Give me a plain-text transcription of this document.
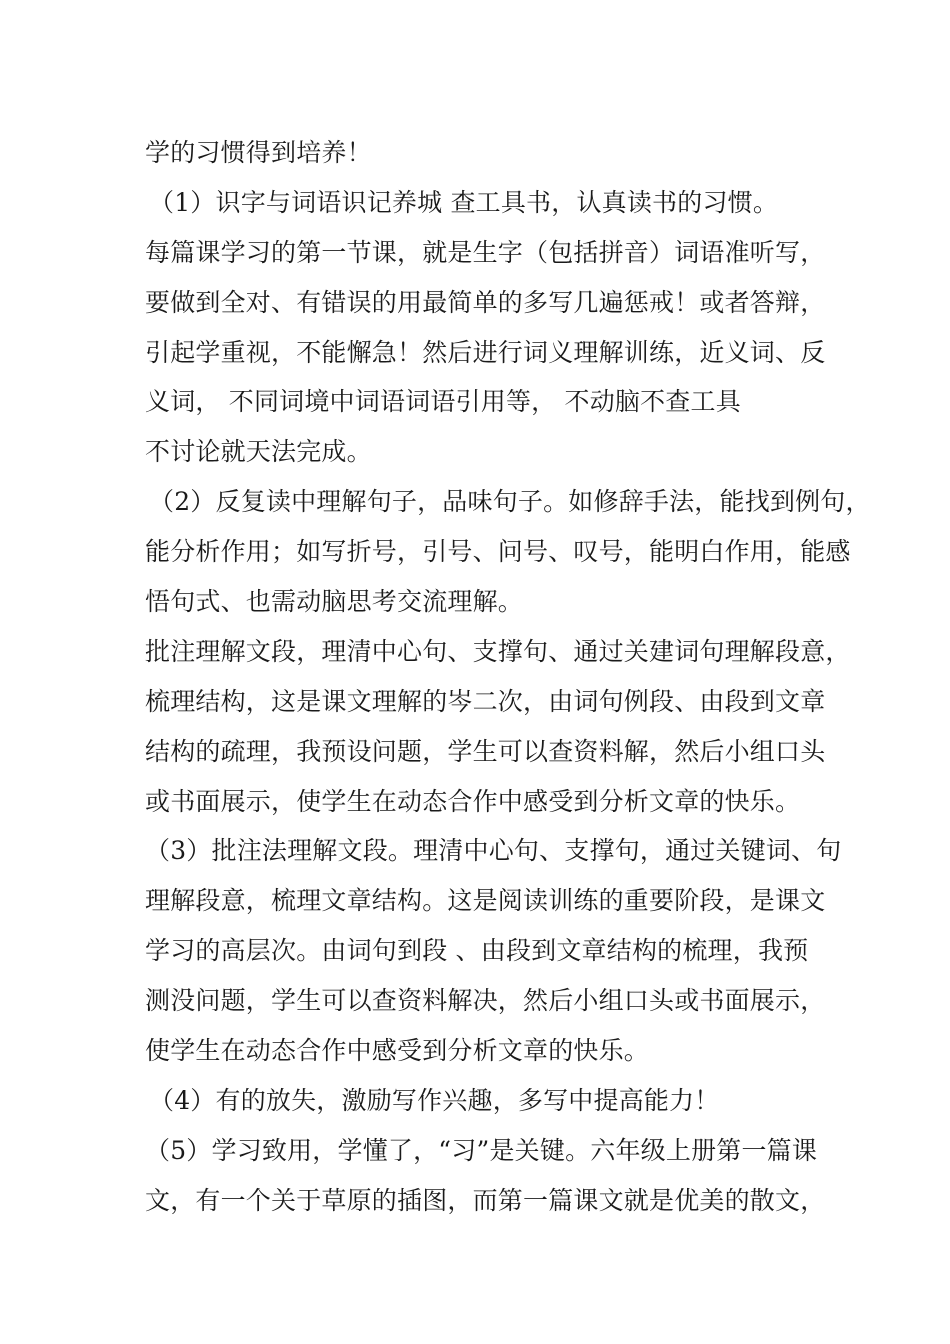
学的习惯得到培养！
（1）识字与词语识记养城 查工具书，认真读书的习惯。
每篇课学习的第一节课，就是生字（包括拼音）词语准听写，
要做到全对、有错误的用最简单的多写几遍惩戒！或者答辩，
引起学重视，不能懈急！然后进行词义理解训练，近义词、反
义词， 不同词境中词语词语引用等， 不动脑不查工具
不讨论就天法完成。
（2）反复读中理解句子，品味句子。如修辞手法，能找到例句，
能分析作用；如写折号，引号、问号、叹号，能明白作用，能感
悟句式、也需动脑思考交流理解。
批注理解文段，理清中心句、支撑句、通过关建词句理解段意，
梳理结构，这是课文理解的岑二次，由词句例段、由段到文章
结构的疏理，我预设问题，学生可以查资料解，然后小组口头
或书面展示，使学生在动态合作中感受到分析文章的快乐。
（3）批注法理解文段。理清中心句、支撑句，通过关键词、句
理解段意，梳理文章结构。这是阅读训练的重要阶段，是课文
学习的高层次。由词句到段 、由段到文章结构的梳理，我预
测没问题，学生可以查资料解决，然后小组口头或书面展示，
使学生在动态合作中感受到分析文章的快乐。
（4）有的放失，激励写作兴趣，多写中提高能力！
（5）学习致用，学懂了，“习”是关键。六年级上册第一篇课
文，有一个关于草原的插图，而第一篇课文就是优美的散文，
